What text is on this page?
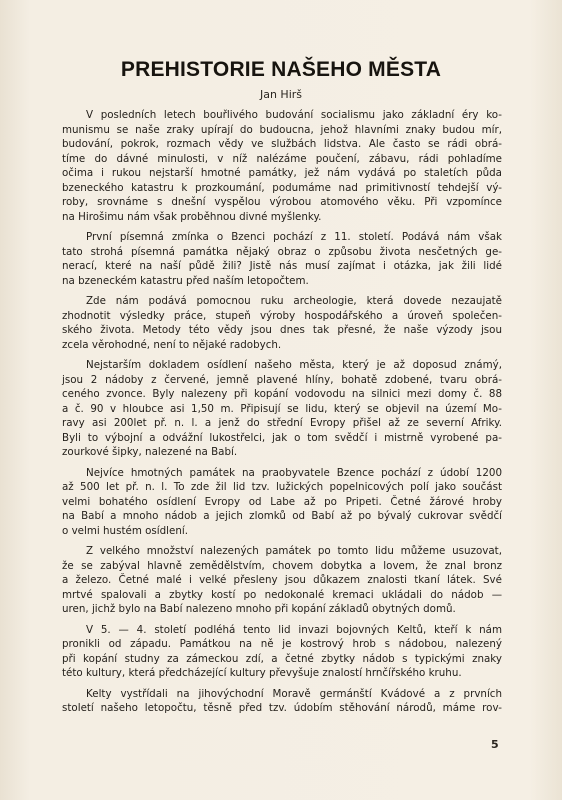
PREHISTORIE NAŠEHO MĚSTA
Jan Hirš
V posledních letech bouřlivého budování socialismu jako základní éry ko-
munismu se naše zraky upírají do budoucna, jehož hlavními znaky budou mír,
budování, pokrok, rozmach vědy ve službách lidstva. Ale často se rádi obrá-
tíme do dávné minulosti, v níž nalézáme poučení, zábavu, rádi pohladíme
očima i rukou nejstarší hmotné památky, jež nám vydává po staletích půda
bzeneckého katastru k prozkoumání, podumáme nad primitivností tehdejší vý-
roby, srovnáme s dnešní vyspělou výrobou atomového věku. Při vzpomínce
na Hirošimu nám však proběhnou divné myšlenky.
První písemná zmínka o Bzenci pochází z 11. století. Podává nám však
tato strohá písemná památka nějaký obraz o způsobu života nesčetných ge-
nerací, které na naší půdě žili? Jistě nás musí zajímat i otázka, jak žili lidé
na bzeneckém katastru před naším letopočtem.
Zde nám podává pomocnou ruku archeologie, která dovede nezaujatě
zhodnotit výsledky práce, stupeň výroby hospodářského a úroveň společen-
ského života. Metody této vědy jsou dnes tak přesné, že naše výzody jsou
zcela věrohodné, není to nějaké radobych.
Nejstarším dokladem osídlení našeho města, který je až doposud známý,
jsou 2 nádoby z červené, jemně plavené hlíny, bohatě zdobené, tvaru obrá-
ceného zvonce. Byly nalezeny při kopání vodovodu na silnici mezi domy č. 88
a č. 90 v hloubce asi 1,50 m. Připisují se lidu, který se objevil na území Mo-
ravy asi 200let př. n. l. a jenž do střední Evropy přišel až ze severní Afriky.
Byli to výbojní a odvážní lukostřelci, jak o tom svědčí i mistrně vyrobené pa-
zourkové šipky, nalezené na Babí.
Nejvíce hmotných památek na praobyvatele Bzence pochází z údobí 1200
až 500 let př. n. l. To zde žil lid tzv. lužických popelnicových polí jako součást
velmi bohatého osídlení Evropy od Labe až po Pripeti. Četné žárové hroby
na Babí a mnoho nádob a jejich zlomků od Babí až po bývalý cukrovar svědčí
o velmi hustém osídlení.
Z velkého množství nalezených památek po tomto lidu můžeme usuzovat,
že se zabýval hlavně zemědělstvím, chovem dobytka a lovem, že znal bronz
a železo. Četné malé i velké přesleny jsou důkazem znalosti tkaní látek. Své
mrtvé spalovali a zbytky kostí po nedokonalé kremaci ukládali do nádob —
uren, jichž bylo na Babí nalezeno mnoho při kopání základů obytných domů.
V 5. — 4. století podléhá tento lid invazi bojovných Keltů, kteří k nám
pronikli od západu. Památkou na ně je kostrový hrob s nádobou, nalezený
při kopání studny za zámeckou zdí, a četné zbytky nádob s typickými znaky
této kultury, která předcházející kultury převyšuje znalostí hrnčířského kruhu.
Kelty vystřídali na jihovýchodní Moravě germánští Kvádové a z prvních
století našeho letopočtu, těsně před tzv. údobím stěhování národů, máme rov-
5
